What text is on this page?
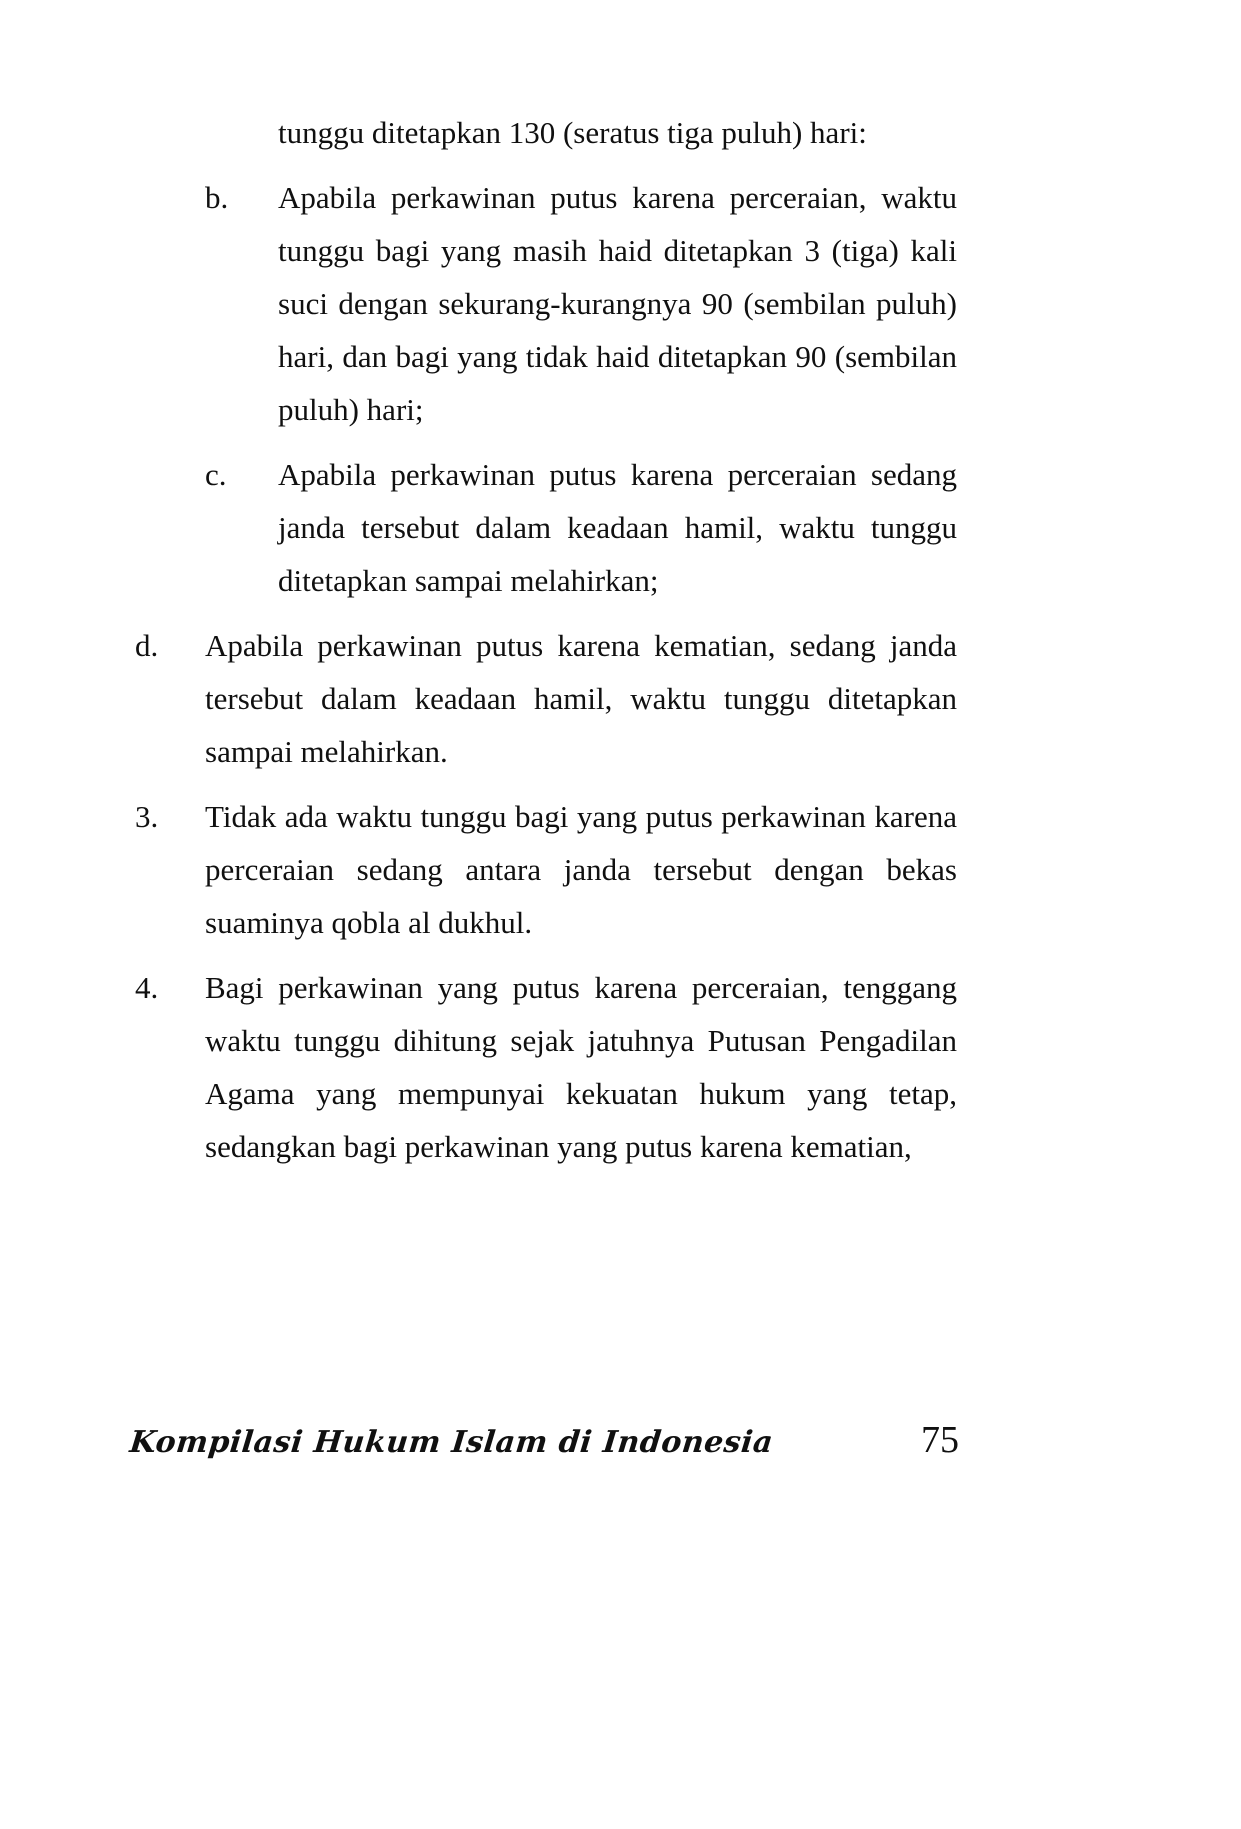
tunggu ditetapkan 130 (seratus tiga puluh) hari:

b. Apabila perkawinan putus karena perceraian, waktu tunggu bagi yang masih haid ditetapkan 3 (tiga) kali suci dengan sekurang-kurangnya 90 (sembilan puluh) hari, dan bagi yang tidak haid ditetapkan 90 (sembilan puluh) hari;

c. Apabila perkawinan putus karena perceraian sedang janda tersebut dalam keadaan hamil, waktu tunggu ditetapkan sampai melahirkan;

d. Apabila perkawinan putus karena kematian, sedang janda tersebut dalam keadaan hamil, waktu tunggu ditetapkan sampai melahirkan.

3. Tidak ada waktu tunggu bagi yang putus perkawinan karena perceraian sedang antara janda tersebut dengan bekas suaminya qobla al dukhul.

4. Bagi perkawinan yang putus karena perceraian, tenggang waktu tunggu dihitung sejak jatuhnya Putusan Pengadilan Agama yang mempunyai kekuatan hukum yang tetap, sedangkan bagi perkawinan yang putus karena kematian,

Kompilasi Hukum Islam di Indonesia	75
